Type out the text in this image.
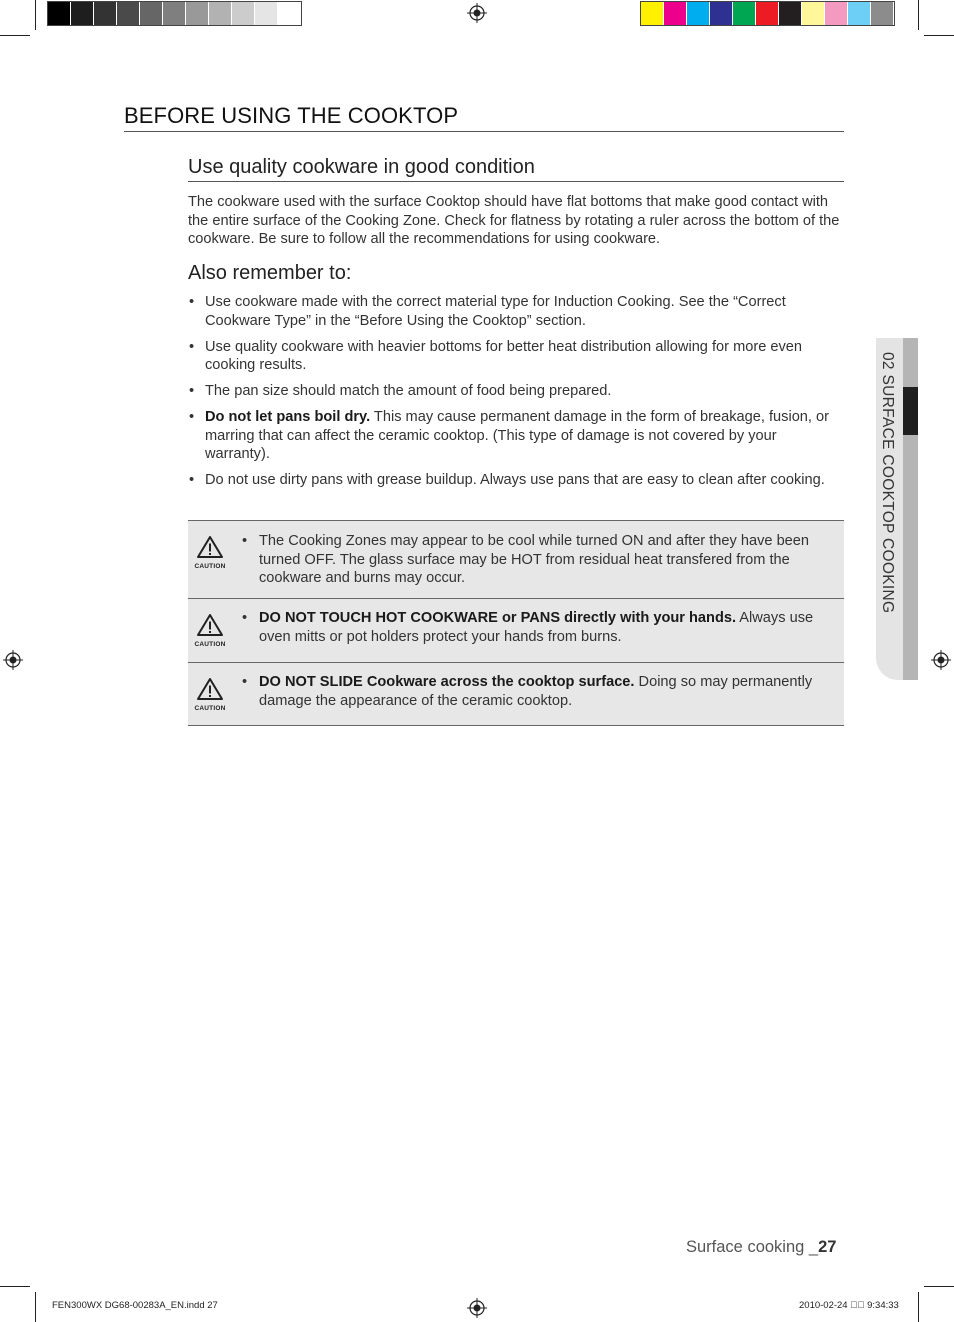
BEFORE USING THE COOKTOP
Use quality cookware in good condition
The cookware used with the surface Cooktop should have flat bottoms that make good contact with the entire surface of the Cooking Zone. Check for flatness by rotating a ruler across the bottom of the cookware. Be sure to follow all the recommendations for using cookware.
Also remember to:
• Use cookware made with the correct material type for Induction Cooking. See the “Correct Cookware Type” in the “Before Using the Cooktop” section.
• Use quality cookware with heavier bottoms for better heat distribution allowing for more even cooking results.
• The pan size should match the amount of food being prepared.
• Do not let pans boil dry. This may cause permanent damage in the form of breakage, fusion, or marring that can affect the ceramic cooktop. (This type of damage is not covered by your warranty).
• Do not use dirty pans with grease buildup. Always use pans that are easy to clean after cooking.
CAUTION
• The Cooking Zones may appear to be cool while turned ON and after they have been turned OFF. The glass surface may be HOT from residual heat transfered from the cookware and burns may occur.
CAUTION
• DO NOT TOUCH HOT COOKWARE or PANS directly with your hands. Always use oven mitts or pot holders protect your hands from burns.
CAUTION
• DO NOT SLIDE Cookware across the cooktop surface. Doing so may permanently damage the appearance of the ceramic cooktop.
02 SURFACE COOKTOP COOKING
Surface cooking _27
FEN300WX DG68-00283A_EN.indd 27	2010-02-24 ￿￿ 9:34:33
